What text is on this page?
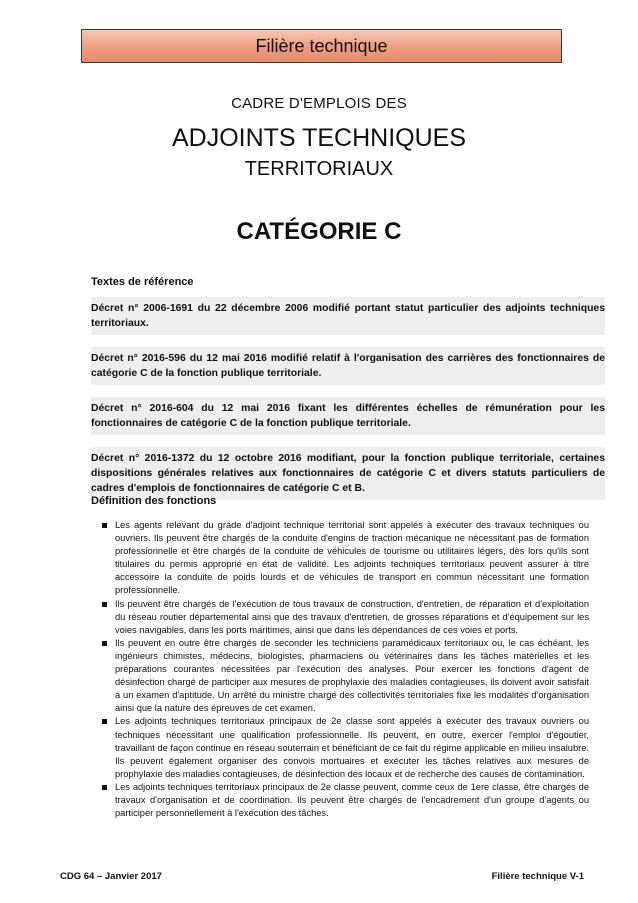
Filière technique
CADRE D'EMPLOIS DES
ADJOINTS TECHNIQUES
TERRITORIAUX
CATÉGORIE C
Textes de référence
Décret n° 2006-1691 du 22 décembre 2006 modifié portant statut particulier des adjoints techniques territoriaux.
Décret n° 2016-596 du 12 mai 2016 modifié relatif à l'organisation des carrières des fonctionnaires de catégorie C de la fonction publique territoriale.
Décret n° 2016-604 du 12 mai 2016 fixant les différentes échelles de rémunération pour les fonctionnaires de catégorie C de la fonction publique territoriale.
Décret n° 2016-1372 du 12 octobre 2016 modifiant, pour la fonction publique territoriale, certaines dispositions générales relatives aux fonctionnaires de catégorie C et divers statuts particuliers de cadres d'emplois de fonctionnaires de catégorie C et B.
Définition des fonctions
Les agents relevant du grade d'adjoint technique territorial sont appelés à exécuter des travaux techniques ou ouvriers. Ils peuvent être chargés de la conduite d'engins de traction mécanique ne nécessitant pas de formation professionnelle et être chargés de la conduite de véhicules de tourisme ou utilitaires légers, dès lors qu'ils sont titulaires du permis approprié en état de validité. Les adjoints techniques territoriaux peuvent assurer à titre accessoire la conduite de poids lourds et de véhicules de transport en commun nécessitant une formation professionnelle.
Ils peuvent être chargés de l'exécution de tous travaux de construction, d'entretien, de réparation et d'exploitation du réseau routier départemental ainsi que des travaux d'entretien, de grosses réparations et d'équipement sur les voies navigables, dans les ports maritimes, ainsi que dans les dépendances de ces voies et ports.
Ils peuvent en outre être chargés de seconder les techniciens paramédicaux territoriaux ou, le cas échéant, les ingénieurs chimistes, médecins, biologistes, pharmaciens ou vétérinaires dans les tâches matérielles et les préparations courantes nécessitées par l'exécution des analyses. Pour exercer les fonctions d'agent de désinfection chargé de participer aux mesures de prophylaxie des maladies contagieuses, ils doivent avoir satisfait à un examen d'aptitude. Un arrêté du ministre chargé des collectivités territoriales fixe les modalités d'organisation ainsi que la nature des épreuves de cet examen.
Les adjoints techniques territoriaux principaux de 2e classe sont appelés à exécuter des travaux ouvriers ou techniques nécessitant une qualification professionnelle. Ils peuvent, en outre, exercer l'emploi d'égoutier, travaillant de façon continue en réseau souterrain et bénéficiant de ce fait du régime applicable en milieu insalubre. Ils peuvent également organiser des convois mortuaires et exécuter les tâches relatives aux mesures de prophylaxie des maladies contagieuses, de désinfection des locaux et de recherche des causes de contamination.
Les adjoints techniques territoriaux principaux de 2e classe peuvent, comme ceux de 1ere classe, être chargés de travaux d'organisation et de coordination. Ils peuvent être chargés de l'encadrement d'un groupe d'agents ou participer personnellement à l'exécution des tâches.
CDG 64 – Janvier 2017	Filière technique V-1
